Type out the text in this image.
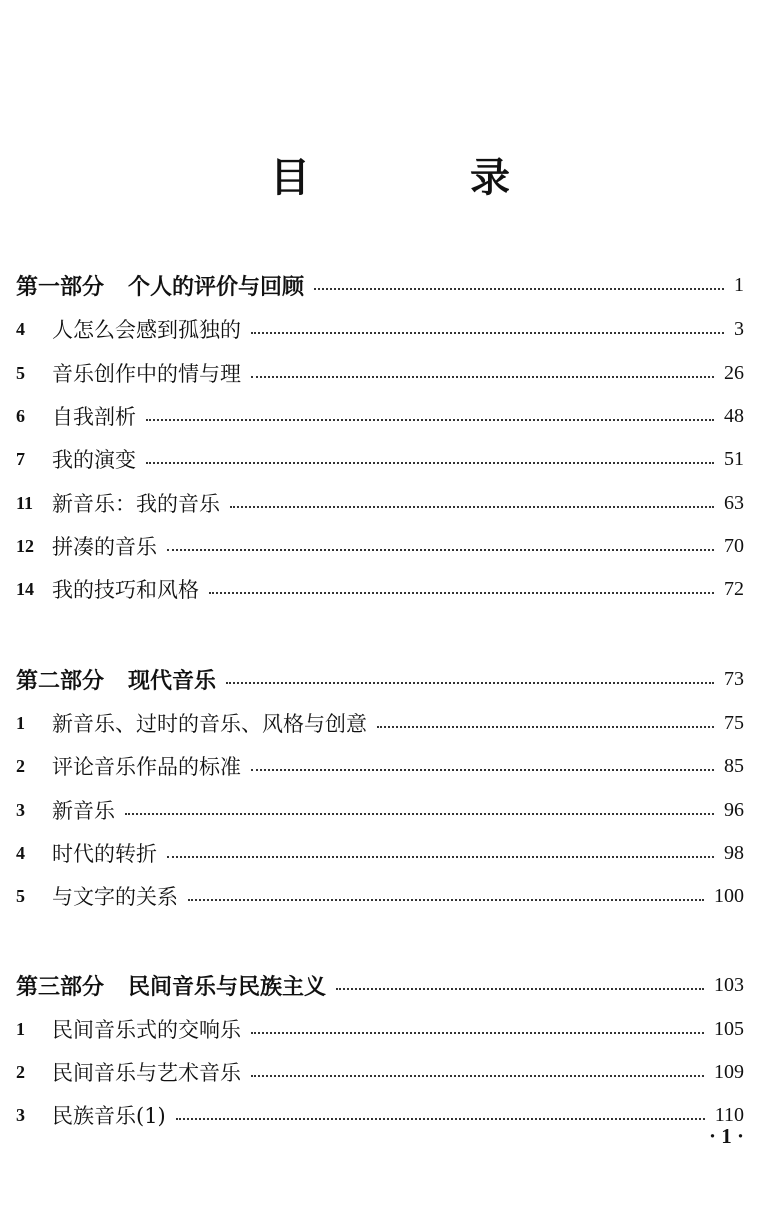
目　录
第一部分 个人的评价与回顾	1
4	人怎么会感到孤独的	3
5	音乐创作中的情与理	26
6	自我剖析	48
7	我的演变	51
11 新音乐：我的音乐	63
12 拼凑的音乐	70
14 我的技巧和风格	72
第二部分 现代音乐	73
1	新音乐、过时的音乐、风格与创意	75
2	评论音乐作品的标准	85
3	新音乐	96
4	时代的转折	98
5	与文字的关系	100
第三部分 民间音乐与民族主义	103
1	民间音乐式的交响乐	105
2	民间音乐与艺术音乐	109
3	民族音乐(1)	110
· 1 ·
